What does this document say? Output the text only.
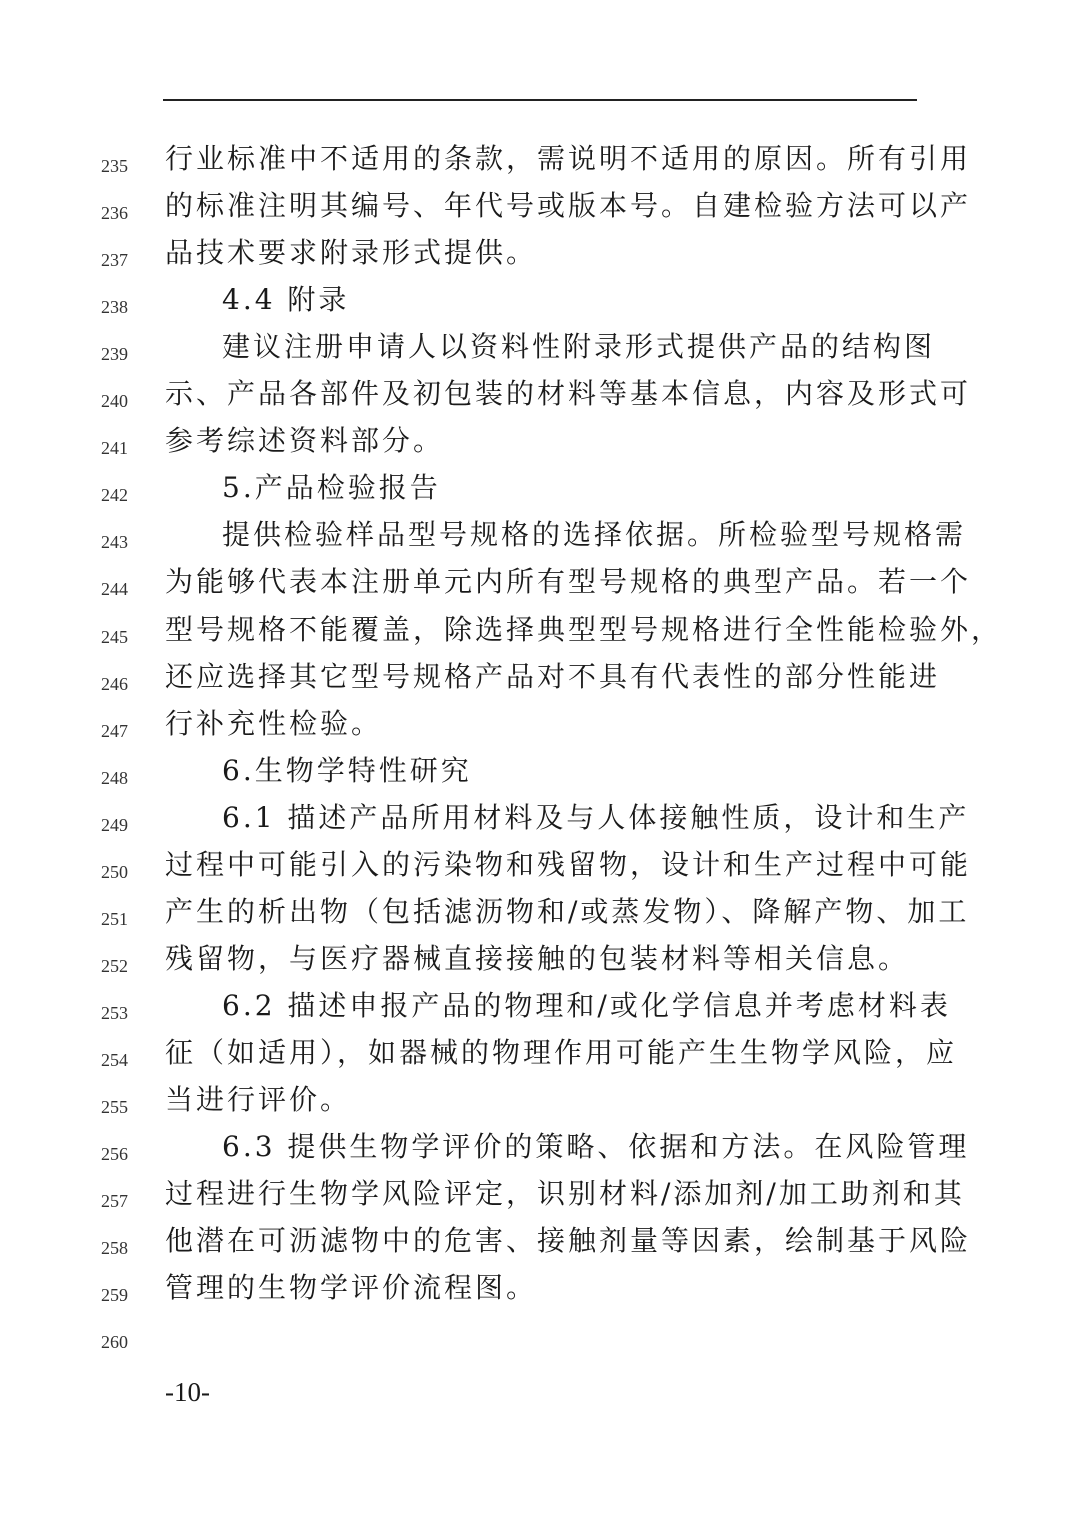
235 行业标准中不适用的条款，需说明不适用的原因。所有引用
236 的标准注明其编号、年代号或版本号。自建检验方法可以产
237 品技术要求附录形式提供。
238	4.4 附录
239	建议注册申请人以资料性附录形式提供产品的结构图
240 示、产品各部件及初包装的材料等基本信息，内容及形式可
241 参考综述资料部分。
242	5.产品检验报告
243	提供检验样品型号规格的选择依据。所检验型号规格需
244 为能够代表本注册单元内所有型号规格的典型产品。若一个
245 型号规格不能覆盖，除选择典型型号规格进行全性能检验外，
246 还应选择其它型号规格产品对不具有代表性的部分性能进
247 行补充性检验。
248	6.生物学特性研究
249	6.1 描述产品所用材料及与人体接触性质，设计和生产
250 过程中可能引入的污染物和残留物，设计和生产过程中可能
251 产生的析出物（包括滤沥物和/或蒸发物）、降解产物、加工
252 残留物，与医疗器械直接接触的包装材料等相关信息。
253	6.2 描述申报产品的物理和/或化学信息并考虑材料表
254 征（如适用），如器械的物理作用可能产生生物学风险，应
255 当进行评价。
256	6.3 提供生物学评价的策略、依据和方法。在风险管理
257 过程进行生物学风险评定，识别材料/添加剂/加工助剂和其
258 他潜在可沥滤物中的危害、接触剂量等因素，绘制基于风险
259 管理的生物学评价流程图。
260
-10-
